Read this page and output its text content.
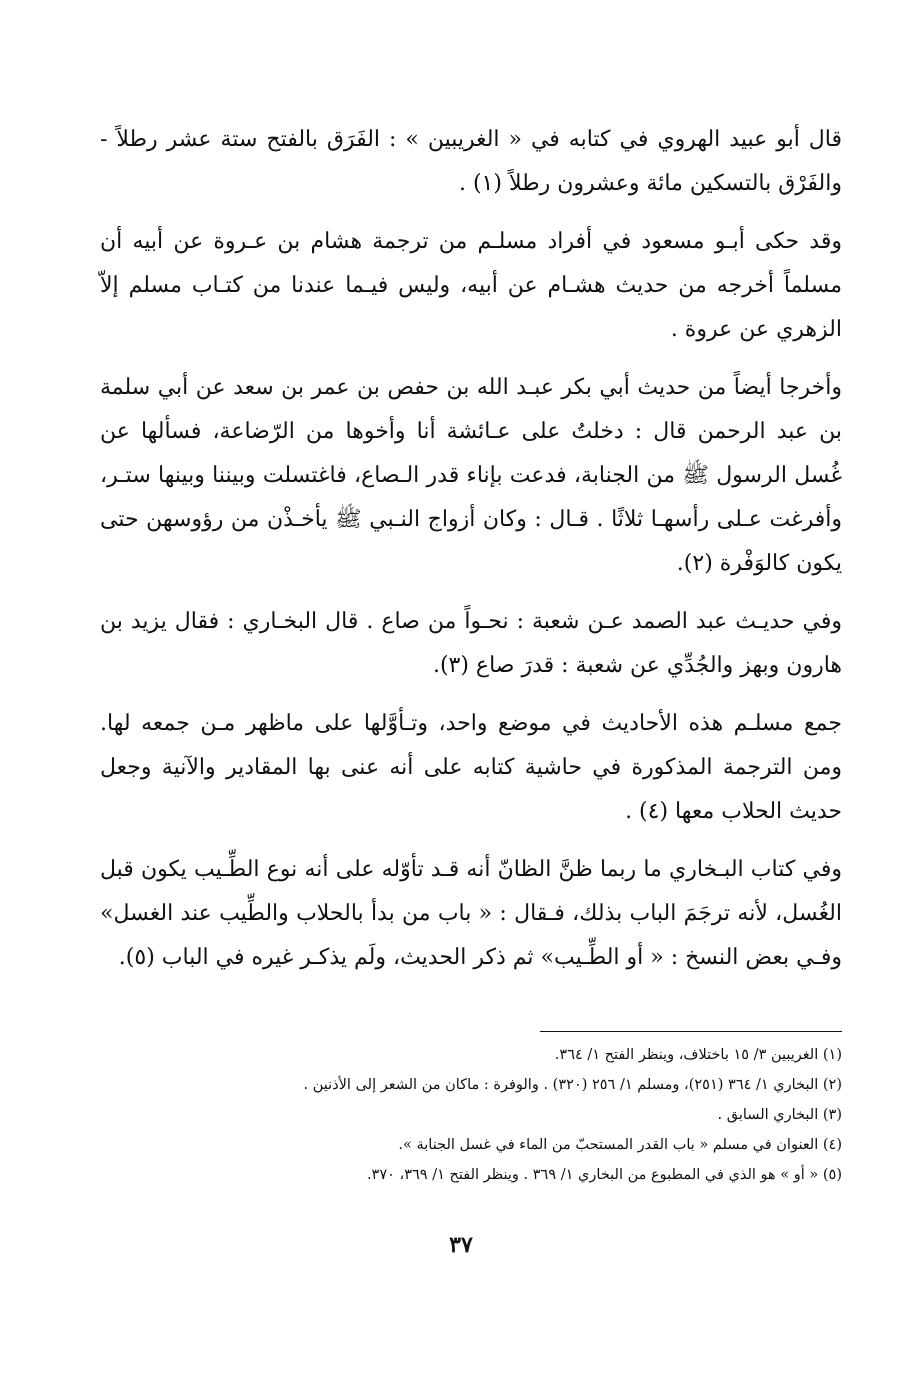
قال أبو عبيد الهروي في كتابه في « الغريبين » : الفَرَق بالفتح ستة عشر رطلاً - والفَرْق بالتسكين مائة وعشرون رطلاً (١) .

وقد حكى أبـو مسعود في أفراد مسلـم من ترجمة هشام بن عـروة عن أبيه أن مسلماً أخرجه من حديث هشـام عن أبيه، وليس فيـما عندنا من كتـاب مسلم إلاّ الزهري عن عروة .

وأخرجا أيضاً من حديث أبي بكر عبـد الله بن حفص بن عمر بن سعد عن أبي سلمة بن عبد الرحمن قال : دخلتُ على عـائشة أنا وأخوها من الرّضاعة، فسألها عن غُسل الرسول ﷺ من الجنابة، فدعت بإناء قدر الـصاع، فاغتسلت وبيننا وبينها ستـر، وأفرغت عـلى رأسهـا ثلاثًا . قـال : وكان أزواج النـبي ﷺ يأخـذْن من رؤوسهن حتى يكون كالوَفْرة (٢).

وفي حديـث عبد الصمد عـن شعبة : نحـواً من صاع . قال البخـاري : فقال يزيد بن هارون وبهز والجُدِّي عن شعبة : قدرَ صاع (٣).

جمع مسلـم هذه الأحاديث في موضع واحد، وتـأوَّلها على ماظهر مـن جمعه لها. ومن الترجمة المذكورة في حاشية كتابه على أنه عنى بها المقادير والآنية وجعل حديث الحلاب معها (٤) .

وفي كتاب البـخاري ما ربما ظنَّ الظانّ أنه قـد تأوّله على أنه نوع الطِّـيب يكون قبل الغُسل، لأنه ترجَمَ الباب بذلك، فـقال : « باب من بدأ بالحلاب والطِّيب عند الغسل» وفـي بعض النسخ : « أو الطِّـيب» ثم ذكر الحديث، ولَم يذكـر غيره في الباب (٥).

(١) الغريبين ٣/ ١٥ باختلاف، وينظر الفتح ١/ ٣٦٤.

(٢) البخاري ١/ ٣٦٤ (٢٥١)، ومسلم ١/ ٢٥٦ (٣٢٠) . والوفرة : ماكان من الشعر إلى الأذنين .

(٣) البخاري السابق .

(٤) العنوان في مسلم « باب القدر المستحبّ من الماء في غسل الجنابة ».

(٥) « أو » هو الذي في المطبوع من البخاري ١/ ٣٦٩ . وينظر الفتح ١/ ٣٦٩، ٣٧٠.

٣٧
